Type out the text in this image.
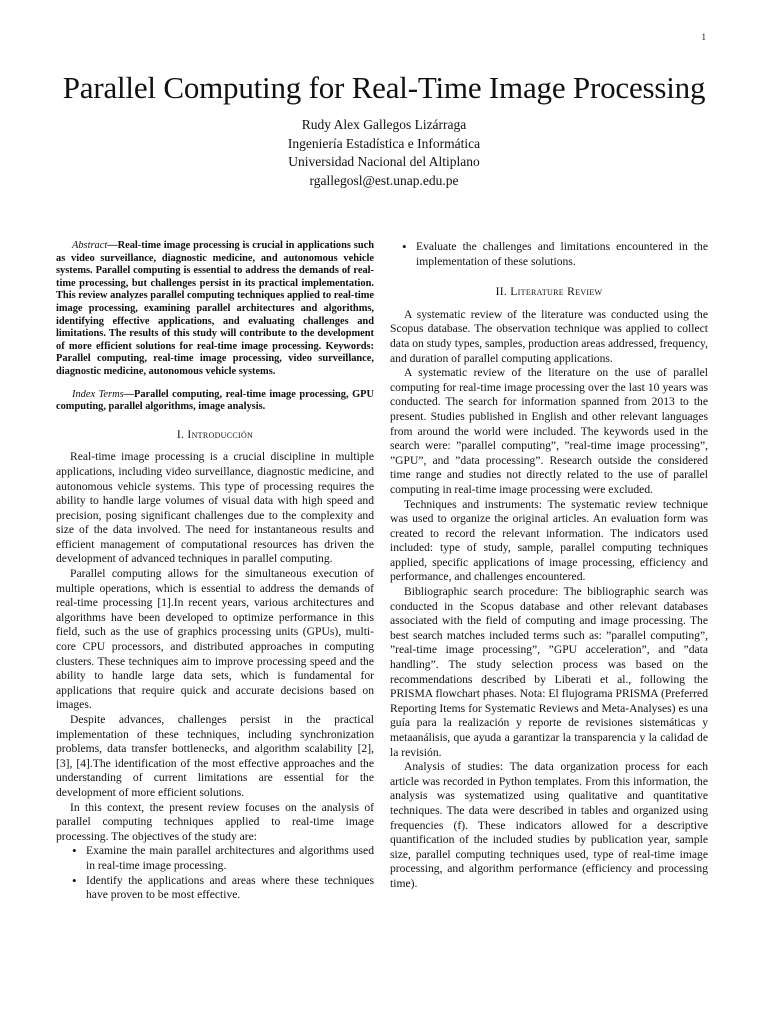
1
Parallel Computing for Real-Time Image Processing
Rudy Alex Gallegos Lizárraga
Ingeniería Estadística e Informática
Universidad Nacional del Altiplano
rgallegosl@est.unap.edu.pe

Abstract—Real-time image processing is crucial in applications such as video surveillance, diagnostic medicine, and autonomous vehicle systems. Parallel computing is essential to address the demands of real-time processing, but challenges persist in its practical implementation. This review analyzes parallel computing techniques applied to real-time image processing, examining parallel architectures and algorithms, identifying effective applications, and evaluating challenges and limitations. The results of this study will contribute to the development of more efficient solutions for real-time image processing. Keywords: Parallel computing, real-time image processing, video surveillance, diagnostic medicine, autonomous vehicle systems.

Index Terms—Parallel computing, real-time image processing, GPU computing, parallel algorithms, image analysis.

I. Introducción

Real-time image processing is a crucial discipline in multiple applications, including video surveillance, diagnostic medicine, and autonomous vehicle systems. This type of processing requires the ability to handle large volumes of visual data with high speed and precision, posing significant challenges due to the complexity and size of the data involved. The need for instantaneous results and efficient management of computational resources has driven the development of advanced techniques in parallel computing.

Parallel computing allows for the simultaneous execution of multiple operations, which is essential to address the demands of real-time processing [1].In recent years, various architectures and algorithms have been developed to optimize performance in this field, such as the use of graphics processing units (GPUs), multi-core CPU processors, and distributed approaches in computing clusters. These techniques aim to improve processing speed and the ability to handle large data sets, which is fundamental for applications that require quick and accurate decisions based on images.

Despite advances, challenges persist in the practical implementation of these techniques, including synchronization problems, data transfer bottlenecks, and algorithm scalability [2], [3], [4].The identification of the most effective approaches and the understanding of current limitations are essential for the development of more efficient solutions.

In this context, the present review focuses on the analysis of parallel computing techniques applied to real-time image processing. The objectives of the study are:

• Examine the main parallel architectures and algorithms used in real-time image processing.
• Identify the applications and areas where these techniques have proven to be most effective.
• Evaluate the challenges and limitations encountered in the implementation of these solutions.
II. Literature Review

A systematic review of the literature was conducted using the Scopus database. The observation technique was applied to collect data on study types, samples, production areas addressed, frequency, and duration of parallel computing applications.

A systematic review of the literature on the use of parallel computing for real-time image processing over the last 10 years was conducted. The search for information spanned from 2013 to the present. Studies published in English and other relevant languages from around the world were included. The keywords used in the search were: ”parallel computing”, ”real-time image processing”, ”GPU”, and ”data processing”. Research outside the considered time range and studies not directly related to the use of parallel computing in real-time image processing were excluded.

Techniques and instruments: The systematic review technique was used to organize the original articles. An evaluation form was created to record the relevant information. The indicators used included: type of study, sample, parallel computing techniques applied, specific applications of image processing, efficiency and performance, and challenges encountered.

Bibliographic search procedure: The bibliographic search was conducted in the Scopus database and other relevant databases associated with the field of computing and image processing. The best search matches included terms such as: ”parallel computing”, ”real-time image processing”, ”GPU acceleration”, and ”data handling”. The study selection process was based on the recommendations described by Liberati et al., following the PRISMA flowchart phases. Nota: El flujograma PRISMA (Preferred Reporting Items for Systematic Reviews and Meta-Analyses) es una guía para la realización y reporte de revisiones sistemáticas y metaanálisis, que ayuda a garantizar la transparencia y la calidad de la revisión.

Analysis of studies: The data organization process for each article was recorded in Python templates. From this information, the analysis was systematized using qualitative and quantitative techniques. The data were described in tables and organized using frequencies (f). These indicators allowed for a descriptive quantification of the included studies by publication year, sample size, parallel computing techniques used, type of real-time image processing, and algorithm performance (efficiency and processing time).
